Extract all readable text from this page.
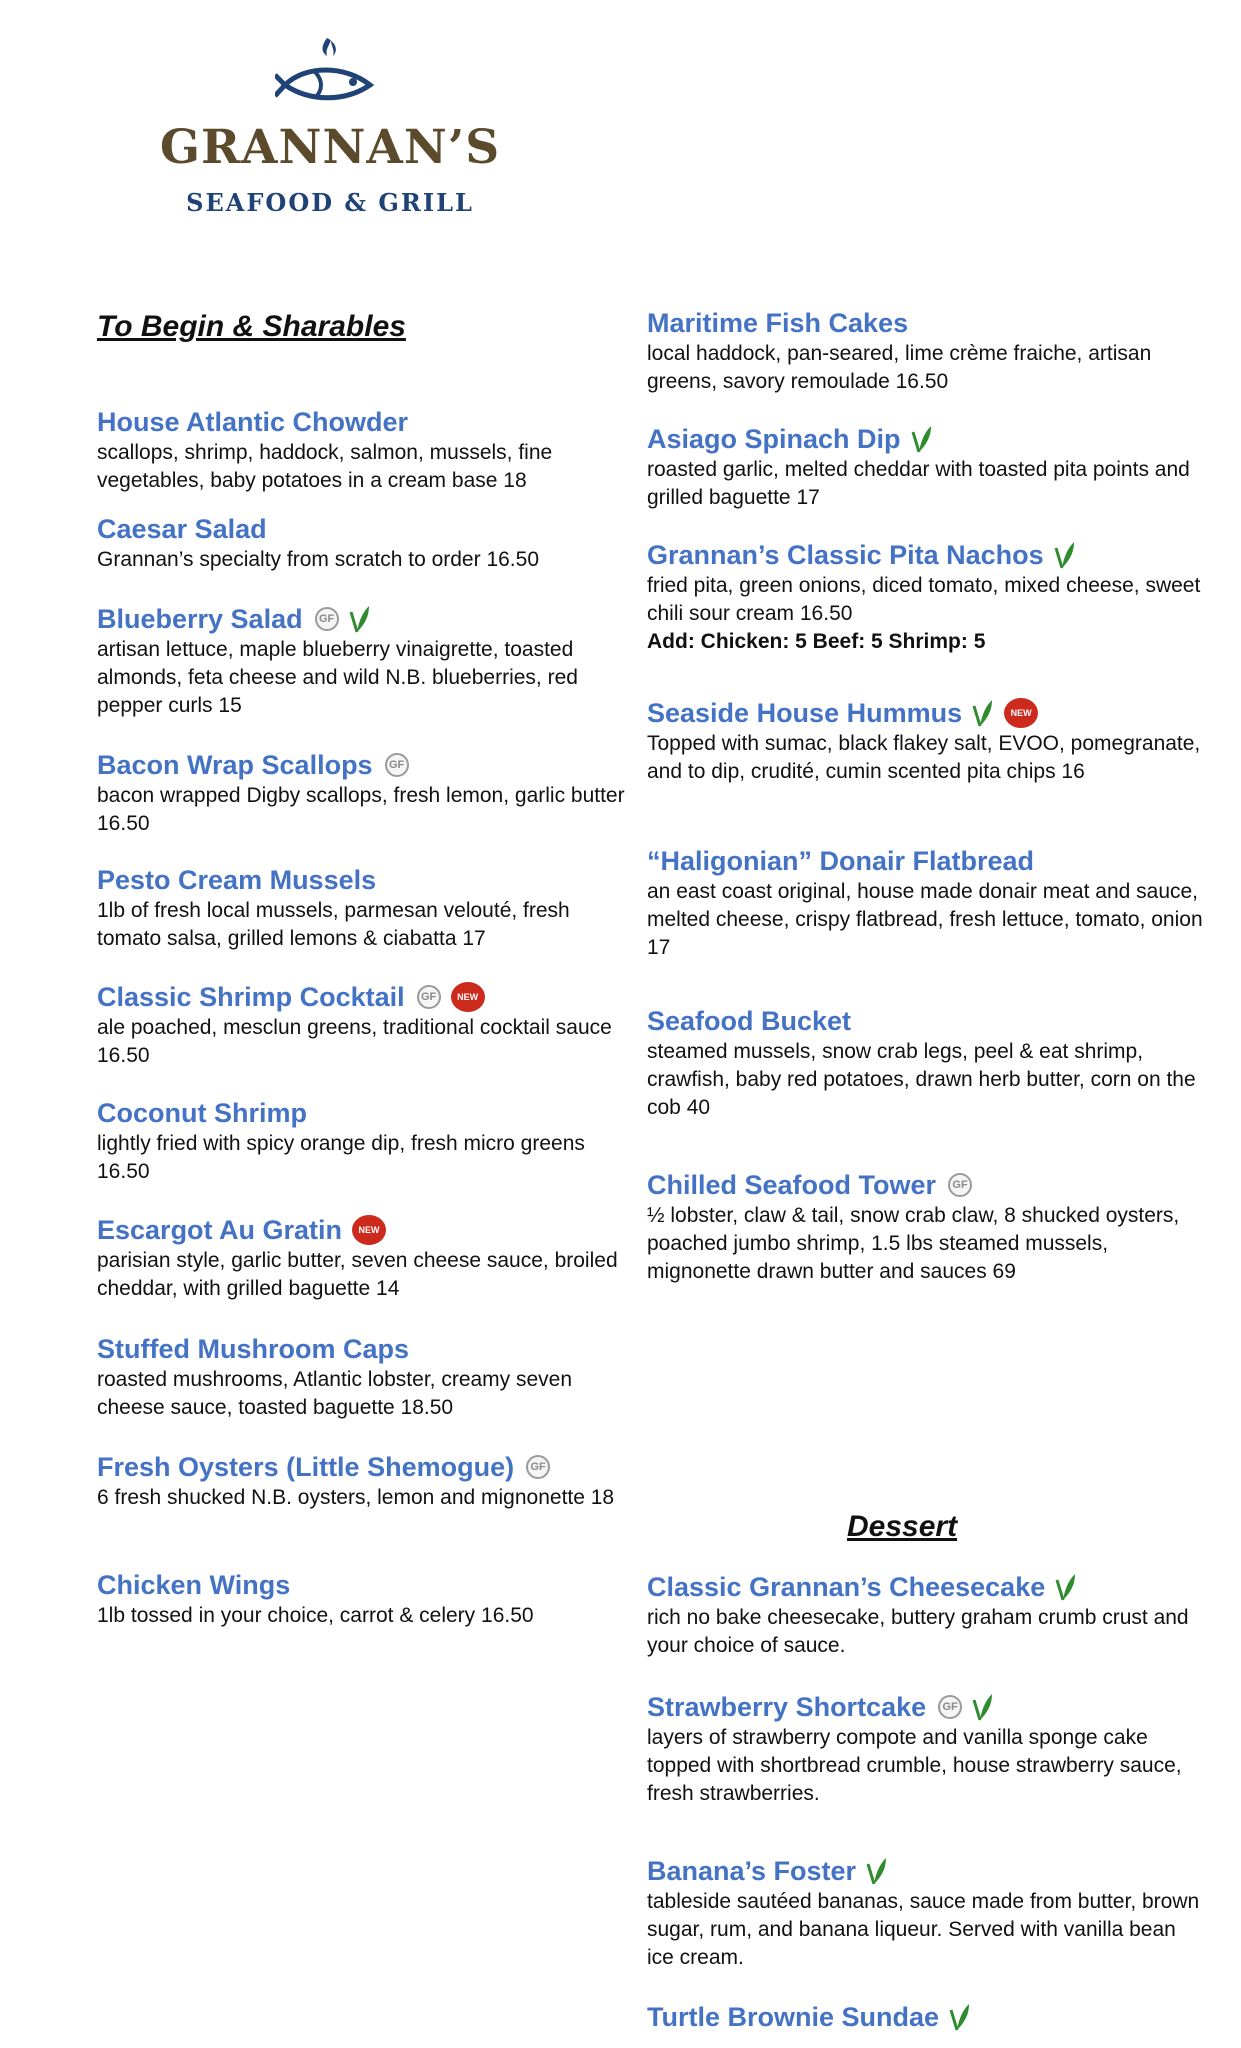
GRANNAN’S
SEAFOOD & GRILL
To Begin & Sharables
House Atlantic Chowder
scallops, shrimp, haddock, salmon, mussels, fine vegetables, baby potatoes in a cream base 18
Caesar Salad
Grannan’s specialty from scratch to order 16.50
Blueberry Salad	GF
artisan lettuce, maple blueberry vinaigrette, toasted almonds, feta cheese and wild N.B. blueberries, red pepper curls 15
Bacon Wrap Scallops	GF
bacon wrapped Digby scallops, fresh lemon, garlic butter 16.50
Pesto Cream Mussels
1lb of fresh local mussels, parmesan velouté, fresh tomato salsa, grilled lemons & ciabatta 17
Classic Shrimp Cocktail	GF	NEW
ale poached, mesclun greens, traditional cocktail sauce 16.50
Coconut Shrimp
lightly fried with spicy orange dip, fresh micro greens 16.50
Escargot Au Gratin	NEW
parisian style, garlic butter, seven cheese sauce, broiled cheddar, with grilled baguette 14
Stuffed Mushroom Caps
roasted mushrooms, Atlantic lobster, creamy seven cheese sauce, toasted baguette 18.50
Fresh Oysters (Little Shemogue)	GF
6 fresh shucked N.B. oysters, lemon and mignonette 18
Chicken Wings
1lb tossed in your choice, carrot & celery 16.50
Maritime Fish Cakes
local haddock, pan-seared, lime crème fraiche, artisan greens, savory remoulade 16.50
Asiago Spinach Dip
roasted garlic, melted cheddar with toasted pita points and grilled baguette 17
Grannan’s Classic Pita Nachos
fried pita, green onions, diced tomato, mixed cheese, sweet chili sour cream 16.50
Add: Chicken: 5 Beef: 5 Shrimp: 5
Seaside House Hummus	NEW
Topped with sumac, black flakey salt, EVOO, pomegranate, and to dip, crudité, cumin scented pita chips 16
“Haligonian” Donair Flatbread
an east coast original, house made donair meat and sauce, melted cheese, crispy flatbread, fresh lettuce, tomato, onion 17
Seafood Bucket
steamed mussels, snow crab legs, peel & eat shrimp, crawfish, baby red potatoes, drawn herb butter, corn on the cob 40
Chilled Seafood Tower	GF
½ lobster, claw & tail, snow crab claw, 8 shucked oysters, poached jumbo shrimp, 1.5 lbs steamed mussels, mignonette drawn butter and sauces 69
Dessert
Classic Grannan’s Cheesecake
rich no bake cheesecake, buttery graham crumb crust and your choice of sauce.
Strawberry Shortcake	GF
layers of strawberry compote and vanilla sponge cake topped with shortbread crumble, house strawberry sauce, fresh strawberries.
Banana’s Foster
tableside sautéed bananas, sauce made from butter, brown sugar, rum, and banana liqueur. Served with vanilla bean ice cream.
Turtle Brownie Sundae
